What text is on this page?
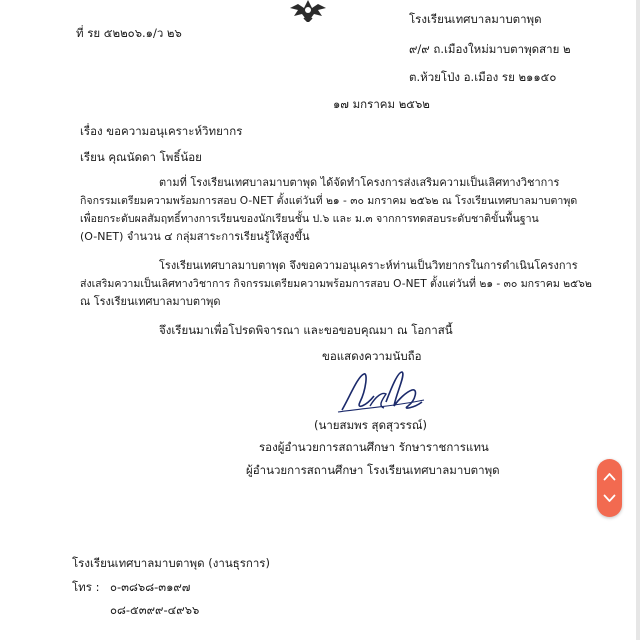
ที่ รย ๕๒๒๐๖.๑/ว ๒๖
โรงเรียนเทศบาลมาบตาพุด
๙/๙ ถ.เมืองใหม่มาบตาพุดสาย ๒
ต.ห้วยโป่ง อ.เมือง รย ๒๑๑๕๐
๑๗ มกราคม ๒๕๖๒
เรื่อง ขอความอนุเคราะห์วิทยากร
เรียน คุณนัดดา โพธิ์น้อย
ตามที่ โรงเรียนเทศบาลมาบตาพุด ได้จัดทำโครงการส่งเสริมความเป็นเลิศทางวิชาการ
กิจกรรมเตรียมความพร้อมการสอบ O-NET ตั้งแต่วันที่ ๒๑ - ๓๐ มกราคม ๒๕๖๒ ณ โรงเรียนเทศบาลมาบตาพุด
เพื่อยกระดับผลสัมฤทธิ์ทางการเรียนของนักเรียนชั้น ป.๖ และ ม.๓ จากการทดสอบระดับชาติขั้นพื้นฐาน
(O-NET) จำนวน ๔ กลุ่มสาระการเรียนรู้ให้สูงขึ้น
โรงเรียนเทศบาลมาบตาพุด จึงขอความอนุเคราะห์ท่านเป็นวิทยากรในการดำเนินโครงการ
ส่งเสริมความเป็นเลิศทางวิชาการ กิจกรรมเตรียมความพร้อมการสอบ O-NET ตั้งแต่วันที่ ๒๑ - ๓๐ มกราคม ๒๕๖๒
ณ โรงเรียนเทศบาลมาบตาพุด
จึงเรียนมาเพื่อโปรดพิจารณา และขอขอบคุณมา ณ โอกาสนี้
ขอแสดงความนับถือ
(นายสมพร สุดสุวรรณ์)
รองผู้อำนวยการสถานศึกษา รักษาราชการแทน
ผู้อำนวยการสถานศึกษา โรงเรียนเทศบาลมาบตาพุด
โรงเรียนเทศบาลมาบตาพุด (งานธุรการ)
โทร : ๐-๓๘๖๘-๓๑๙๗
๐๘-๕๓๙๙-๔๙๖๖
